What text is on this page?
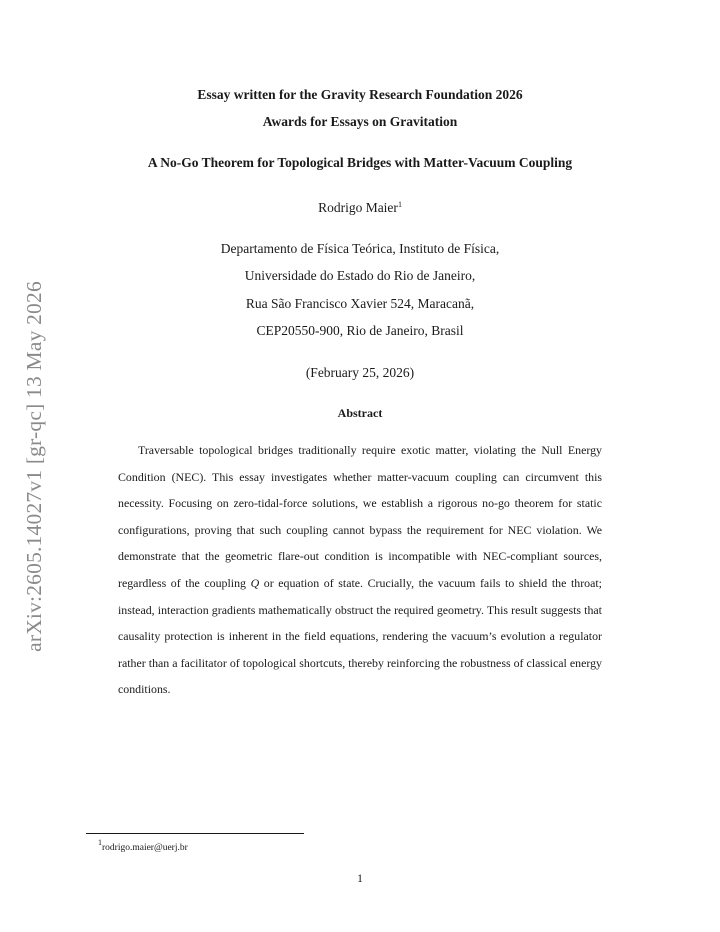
arXiv:2605.14027v1 [gr-qc] 13 May 2026
Essay written for the Gravity Research Foundation 2026
Awards for Essays on Gravitation
A No-Go Theorem for Topological Bridges with Matter-Vacuum Coupling
Rodrigo Maier$^1$
Departamento de Física Teórica, Instituto de Física,
Universidade do Estado do Rio de Janeiro,
Rua São Francisco Xavier 524, Maracanã,
CEP20550-900, Rio de Janeiro, Brasil
(February 25, 2026)
Abstract
Traversable topological bridges traditionally require exotic matter, violating the Null Energy Condition (NEC). This essay investigates whether matter-vacuum coupling can circumvent this necessity. Focusing on zero-tidal-force solutions, we establish a rigorous no-go theorem for static configurations, proving that such coupling cannot bypass the requirement for NEC violation. We demonstrate that the geometric flare-out condition is incompatible with NEC-compliant sources, regardless of the coupling Q or equation of state. Crucially, the vacuum fails to shield the throat; instead, interaction gradients mathematically obstruct the required geometry. This result suggests that causality protection is inherent in the field equations, rendering the vacuum’s evolution a regulator rather than a facilitator of topological shortcuts, thereby reinforcing the robustness of classical energy conditions.
$^1$rodrigo.maier@uerj.br
1
